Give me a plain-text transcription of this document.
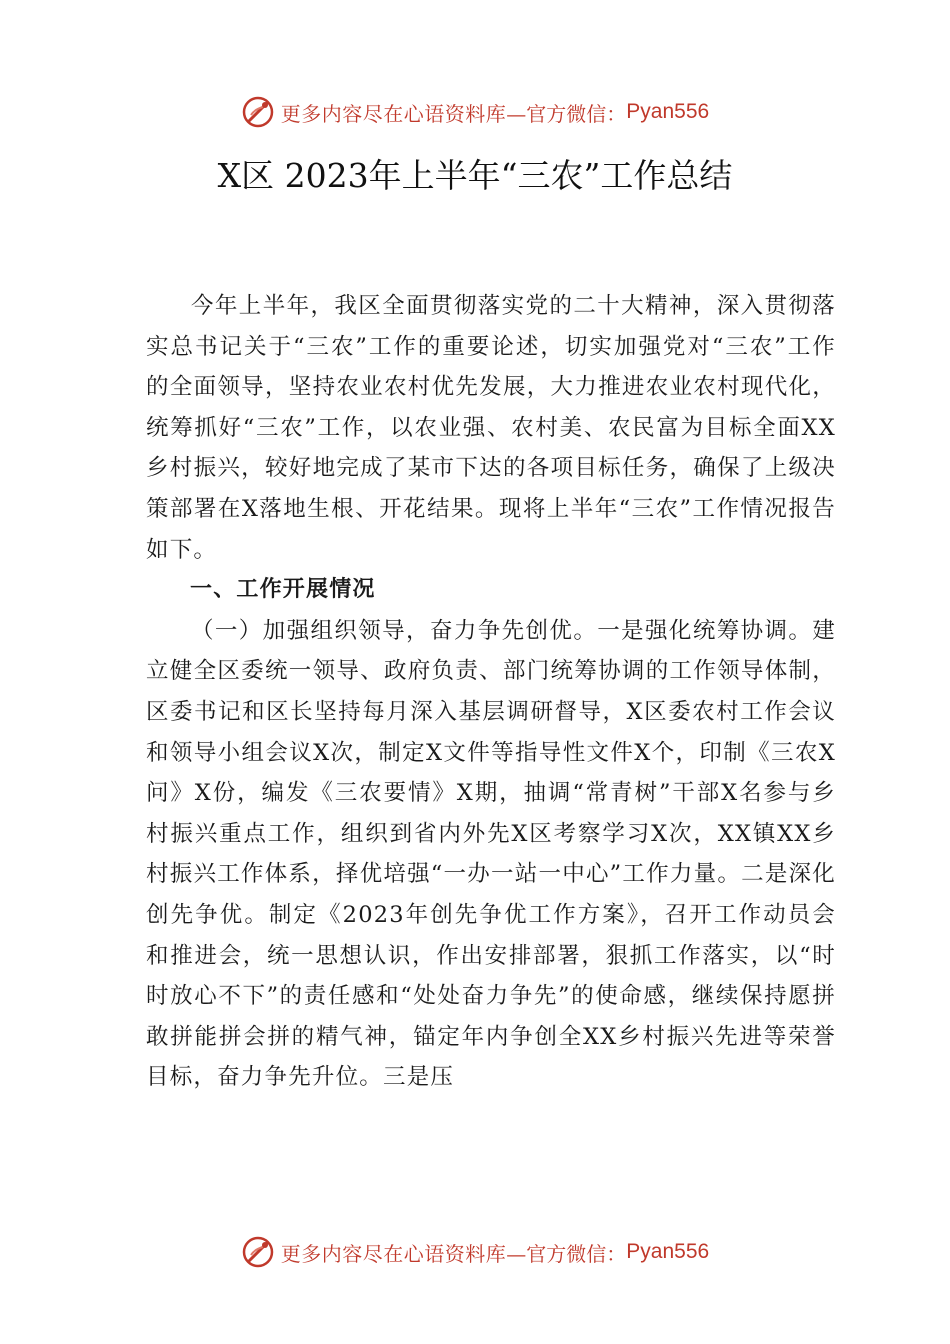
更多内容尽在心语资料库 —官方微信： Pyan556
X区 2023年上半年“三农”工作总结

今年上半年，我区全面贯彻落实党的二十大精神，深入贯彻落实总书记关于“三农”工作的重要论述，切实加强党对“三农”工作的全面领导，坚持农业农村优先发展，大力推进农业农村现代化，统筹抓好“三农”工作，以农业强、农村美、农民富为目标全面XX乡村振兴，较好地完成了某市下达的各项目标任务，确保了上级决策部署在X落地生根、开花结果。现将上半年“三农”工作情况报告如下。

一、工作开展情况

（一）加强组织领导，奋力争先创优。一是强化统筹协调。建立健全区委统一领导、政府负责、部门统筹协调的工作领导体制，区委书记和区长坚持每月深入基层调研督导，X区委农村工作会议和领导小组会议X次，制定X文件等指导性文件X个，印制《三农X问》X份，编发《三农要情》X期，抽调“常青树”干部X名参与乡村振兴重点工作，组织到省内外先X区考察学习X次，XX镇XX乡村振兴工作体系，择优培强“一办一站一中心”工作力量。二是深化创先争优。制定《2023年创先争优工作方案》，召开工作动员会和推进会，统一思想认识，作出安排部署，狠抓工作落实，以“时时放心不下”的责任感和“处处奋力争先”的使命感，继续保持愿拼敢拼能拼会拼的精气神，锚定年内争创全XX乡村振兴先进等荣誉目标，奋力争先升位。三是压

更多内容尽在心语资料库 —官方微信： Pyan556
